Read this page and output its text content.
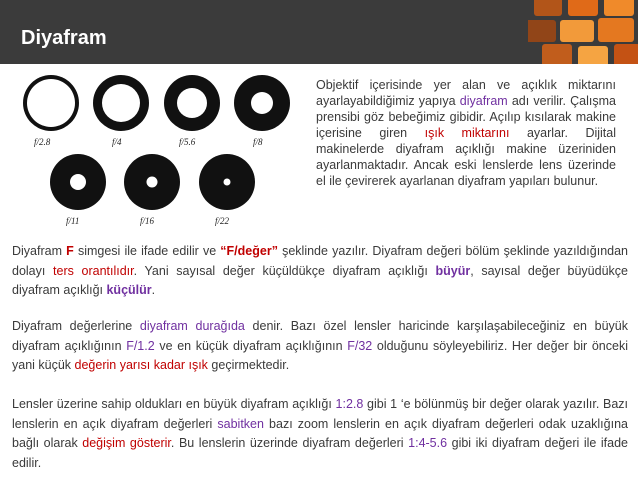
Diyafram
f/2.8	f/4	f/5.6	f/8
f/11	f/16	f/22
Objektif içerisinde yer alan ve açıklık miktarını ayarlayabildiğimiz yapıya diyafram adı verilir. Çalışma prensibi göz bebeğimiz gibidir. Açılıp kısılarak makine içerisine giren ışık miktarını ayarlar. Dijital makinelerde diyafram açıklığı makine üzeriniden ayarlanmaktadır. Ancak eski lenslerde lens üzerinde el ile çevirerek ayarlanan diyafram yapıları bulunur.
Diyafram F simgesi ile ifade edilir ve “F/değer” şeklinde yazılır. Diyafram değeri bölüm şeklinde yazıldığından dolayı ters orantılıdır. Yani sayısal değer küçüldükçe diyafram açıklığı büyür, sayısal değer büyüdükçe diyafram açıklığı küçülür.
Diyafram değerlerine diyafram durağıda denir. Bazı özel lensler haricinde karşılaşabileceğiniz en büyük diyafram açıklığının F/1.2 ve en küçük diyafram açıklığının F/32 olduğunu söyleyebiliriz. Her değer bir önceki yani küçük değerin yarısı kadar ışık geçirmektedir.
Lensler üzerine sahip oldukları en büyük diyafram açıklığı 1:2.8 gibi 1 ‘e bölünmüş bir değer olarak yazılır. Bazı lenslerin en açık diyafram değerleri sabitken bazı zoom lenslerin en açık diyafram değerleri odak uzaklığına bağlı olarak değişim gösterir. Bu lenslerin üzerinde diyafram değerleri 1:4-5.6 gibi iki diyafram değeri ile ifade edilir.
